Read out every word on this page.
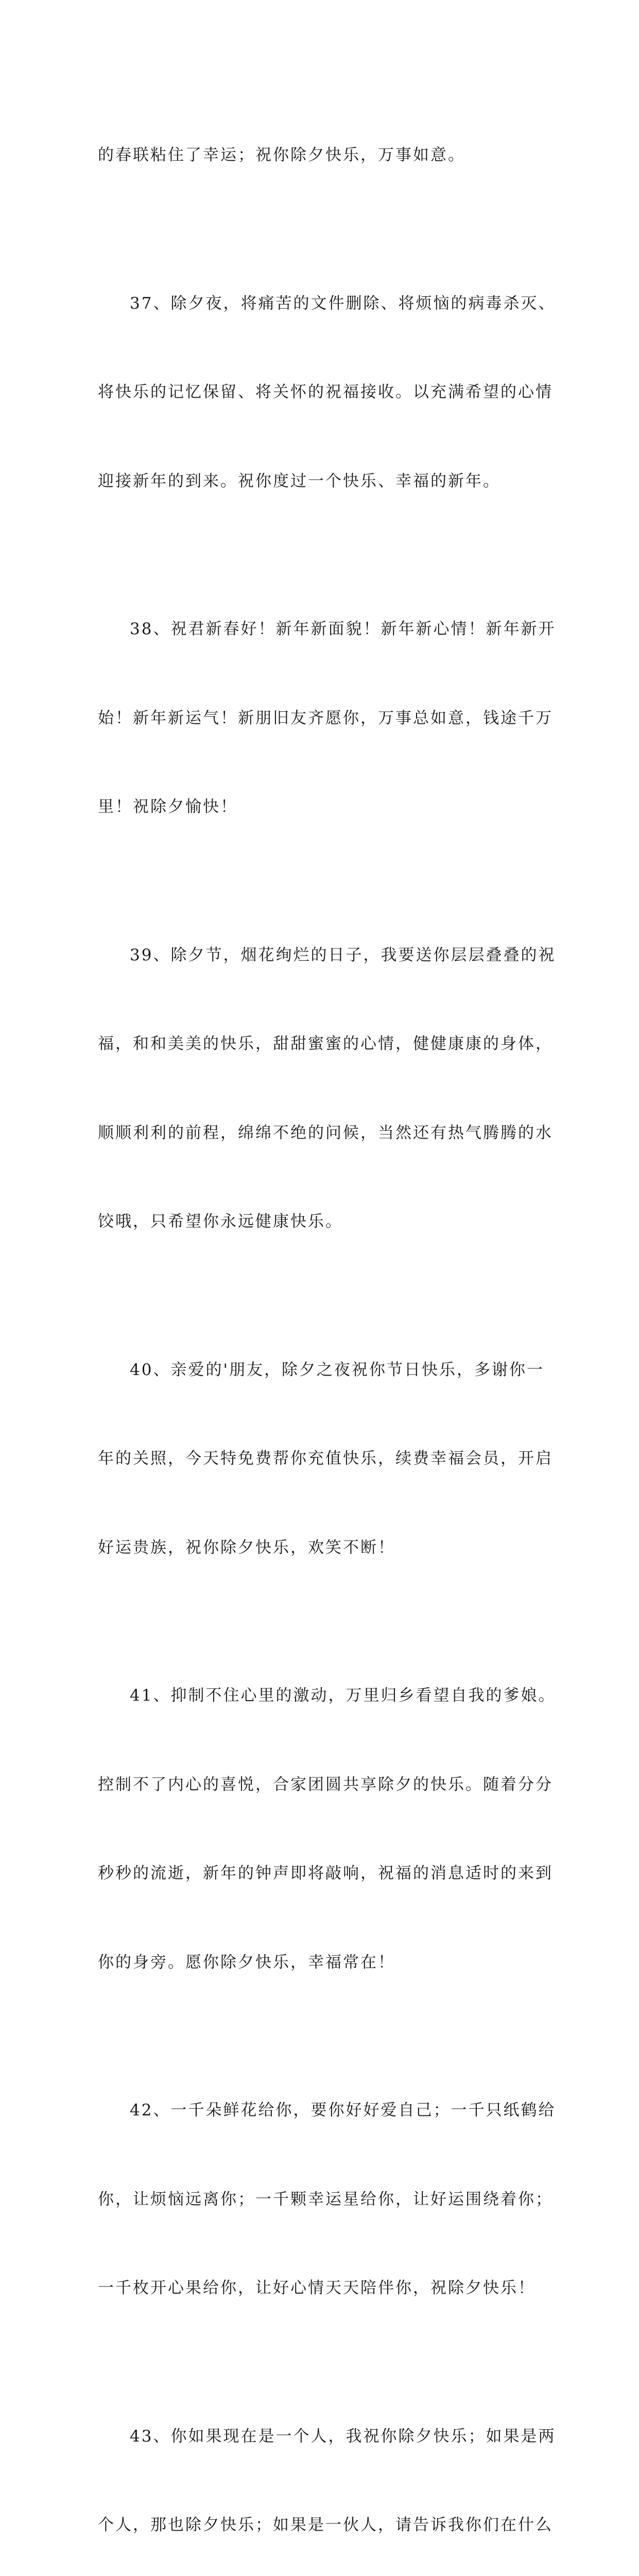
的春联粘住了幸运；祝你除夕快乐，万事如意。

37、除夕夜，将痛苦的文件删除、将烦恼的病毒杀灭、

将快乐的记忆保留、将关怀的祝福接收。以充满希望的心情

迎接新年的到来。祝你度过一个快乐、幸福的新年。

38、祝君新春好！新年新面貌！新年新心情！新年新开

始！新年新运气！新朋旧友齐愿你，万事总如意，钱途千万

里！祝除夕愉快！

39、除夕节，烟花绚烂的日子，我要送你层层叠叠的祝

福，和和美美的快乐，甜甜蜜蜜的心情，健健康康的身体，

顺顺利利的前程，绵绵不绝的问候，当然还有热气腾腾的水

饺哦，只希望你永远健康快乐。

40、亲爱的'朋友，除夕之夜祝你节日快乐，多谢你一

年的关照，今天特免费帮你充值快乐，续费幸福会员，开启

好运贵族，祝你除夕快乐，欢笑不断！

41、抑制不住心里的激动，万里归乡看望自我的爹娘。

控制不了内心的喜悦，合家团圆共享除夕的快乐。随着分分

秒秒的流逝，新年的钟声即将敲响，祝福的消息适时的来到

你的身旁。愿你除夕快乐，幸福常在！

42、一千朵鲜花给你，要你好好爱自己；一千只纸鹤给

你，让烦恼远离你；一千颗幸运星给你，让好运围绕着你；

一千枚开心果给你，让好心情天天陪伴你，祝除夕快乐！

43、你如果现在是一个人，我祝你除夕快乐；如果是两

个人，那也除夕快乐；如果是一伙人，请告诉我你们在什么
